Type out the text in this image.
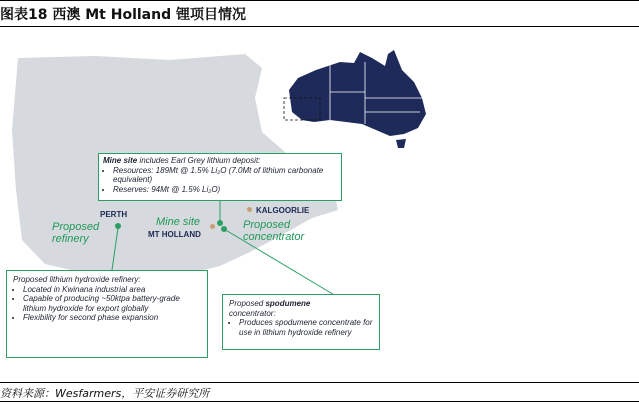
图表18 西澳 Mt Holland 锂项目情况
PERTH	KALGOORLIE
MT HOLLAND
Proposed refinery
Mine site	Proposed concentrator
Mine site includes Earl Grey lithium deposit:
• Resources: 189Mt @ 1.5% Li₂O (7.0Mt of lithium carbonate equivalent)
• Reserves: 94Mt @ 1.5% Li₂O)
Proposed lithium hydroxide refinery:
• Located in Kwinana industrial area
• Capable of producing ~50ktpa battery-grade lithium hydroxide for export globally
• Flexibility for second phase expansion
Proposed spodumene
concentrator:
• Produces spodumene concentrate for use in lithium hydroxide refinery
资料来源：Wesfarmers，平安证券研究所
